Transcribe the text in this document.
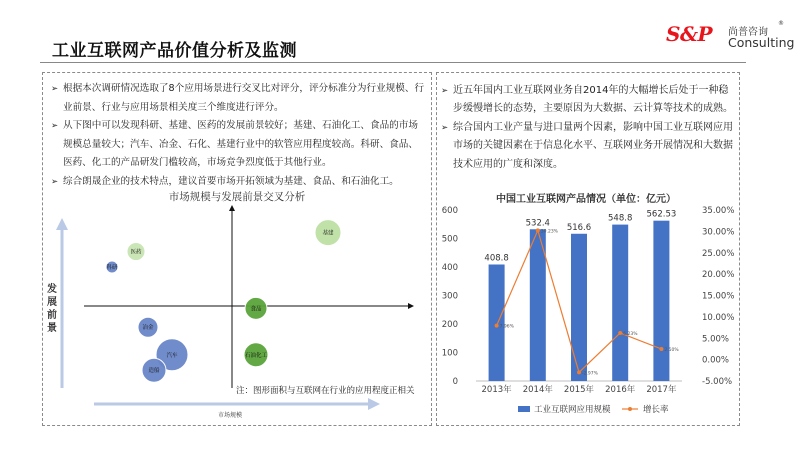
工业互联网产品价值分析及监测
S&P 尚普咨询
®
Consulting
➢ 根据本次调研情况选取了8个应用场景进行交叉比对评分，评分标准分为行业规模、行业前景、行业与应用场景相关度三个维度进行评分。
➢ 从下图中可以发现科研、基建、医药的发展前景较好；基建、石油化工、食品的市场规模总量较大；汽车、冶金、石化、基建行业中的软管应用程度较高。科研、食品、医药、化工的产品研发门槛较高，市场竞争烈度低于其他行业。
➢ 综合朗晟企业的技术特点，建议首要市场开拓领域为基建、食品、和石油化工。
➢ 近五年国内工业互联网业务自2014年的大幅增长后处于一种稳步缓慢增长的态势，主要原因为大数据、云计算等技术的成熟。
➢ 综合国内工业产量与进口量两个因素，影响中国工业互联网应用市场的关键因素在于信息化水平、互联网业务开展情况和大数据技术应用的广度和深度。
市场规模与发展前景交叉分析
发
展
前
景
市场规模
基建
医药
科研
食品
冶金
汽车	石油化工
造船
注：图形面积与互联网在行业的应用程度正相关
中国工业互联网产品情况（单位：亿元）
0
100
200
300
400
500
600
-5.00%
0.00%
5.00%
10.00%
15.00%
20.00%
25.00%
30.00%
35.00%
408.8
2013年
532.4
2014年
516.6
2015年
548.8
2016年
562.53
2017年
7.96%
30.23%
-2.97%
6.23%
2.50%
工业互联网应用规模	增长率
